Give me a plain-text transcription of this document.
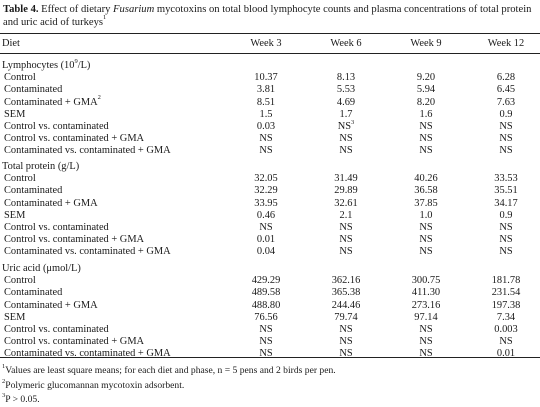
Table 4. Effect of dietary Fusarium mycotoxins on total blood lymphocyte counts and plasma concentrations of total protein and uric acid of turkeys$^1$
Diet	Week 3	Week 6	Week 9	Week 12
Lymphocytes $(10^9/L)$
Control	10.37	8.13	9.20	6.28
Contaminated	3.81	5.53	5.94	6.45
Contaminated + $GMA^2$	8.51	4.69	8.20	7.63
SEM	1.5	1.7	1.6	0.9
Control vs. contaminated	0.03	$NS^3$	NS	NS
Control vs. contaminated + GMA	NS	NS	NS	NS
Contaminated vs. contaminated + GMA	NS	NS	NS	NS
Total protein (g/L)
Control	32.05	31.49	40.26	33.53
Contaminated	32.29	29.89	36.58	35.51
Contaminated + GMA	33.95	32.61	37.85	34.17
SEM	0.46	2.1	1.0	0.9
Control vs. contaminated	NS	NS	NS	NS
Control vs. contaminated + GMA	0.01	NS	NS	NS
Contaminated vs. contaminated + GMA	0.04	NS	NS	NS
Uric acid (μmol/L)
Control	429.29	362.16	300.75	181.78
Contaminated	489.58	365.38	411.30	231.54
Contaminated + GMA	488.80	244.46	273.16	197.38
SEM	76.56	79.74	97.14	7.34
Control vs. contaminated	NS	NS	NS	0.003
Control vs. contaminated + GMA	NS	NS	NS	NS
Contaminated vs. contaminated + GMA	NS	NS	NS	0.01
$^1$Values are least square means; for each diet and phase, n = 5 pens and 2 birds per pen.
$^2$Polymeric glucomannan mycotoxin adsorbent.
$^3$P > 0.05.
